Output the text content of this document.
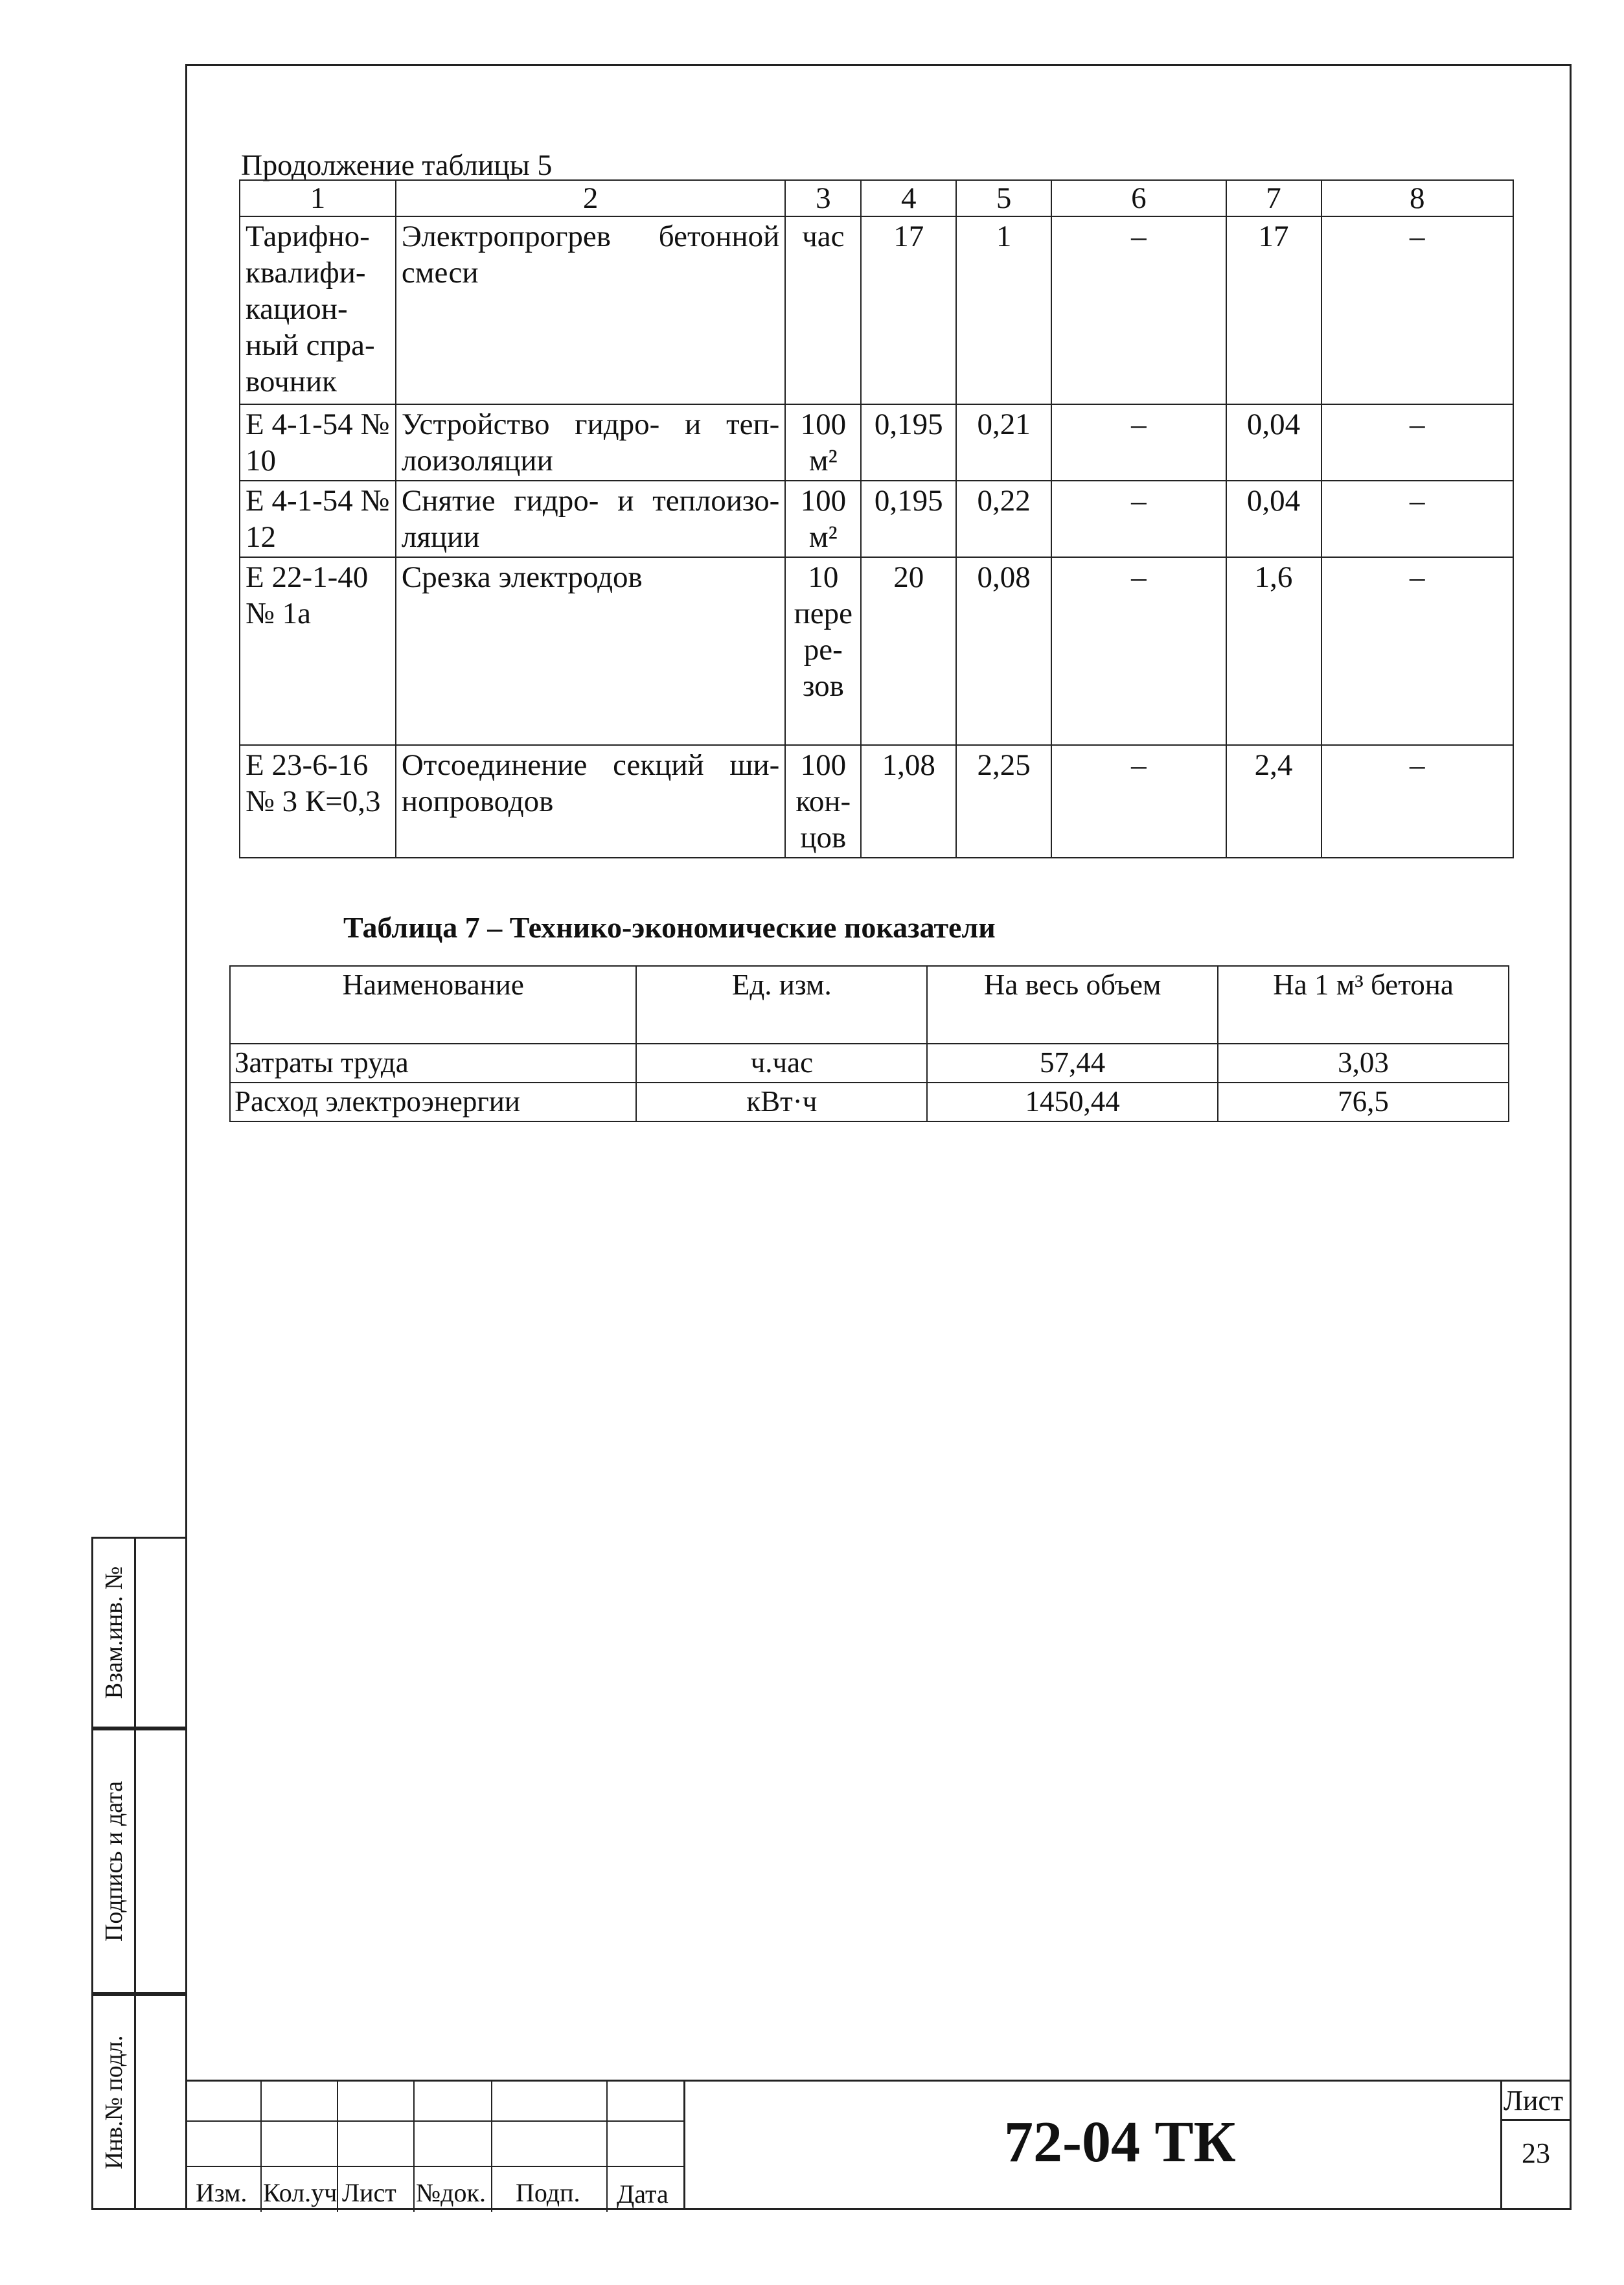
Взам.инв. №
Подпись и дата
Инв.№ подл.
Продолжение таблицы 5
1	2	3	4	5	6	7	8
Тарифно-квалифи-кацион-ный спра-вочник	Электропрогрев бетонной смеси	час	17	1	–	17	–
Е 4-1-54 № 10	Устройство гидро- и теп-лоизоляции	100 м²	0,195	0,21	–	0,04	–
Е 4-1-54 № 12	Снятие гидро- и теплоизо-ляции	100 м²	0,195	0,22	–	0,04	–
Е 22-1-40 № 1а	Срезка электродов	10 пере ре-зов	20	0,08	–	1,6	–
Е 23-6-16 № 3 К=0,3	Отсоединение секций ши-нопроводов	100 кон-цов	1,08	2,25	–	2,4	–
Таблица 7 – Технико-экономические показатели
Наименование	Ед. изм.	На весь объем	На 1 м³ бетона
Затраты труда	ч.час	57,44	3,03
Расход электроэнергии	кВт·ч	1450,44	76,5
Изм. Кол.уч Лист №док. Подп. Дата
72-04 ТК
Лист
23
